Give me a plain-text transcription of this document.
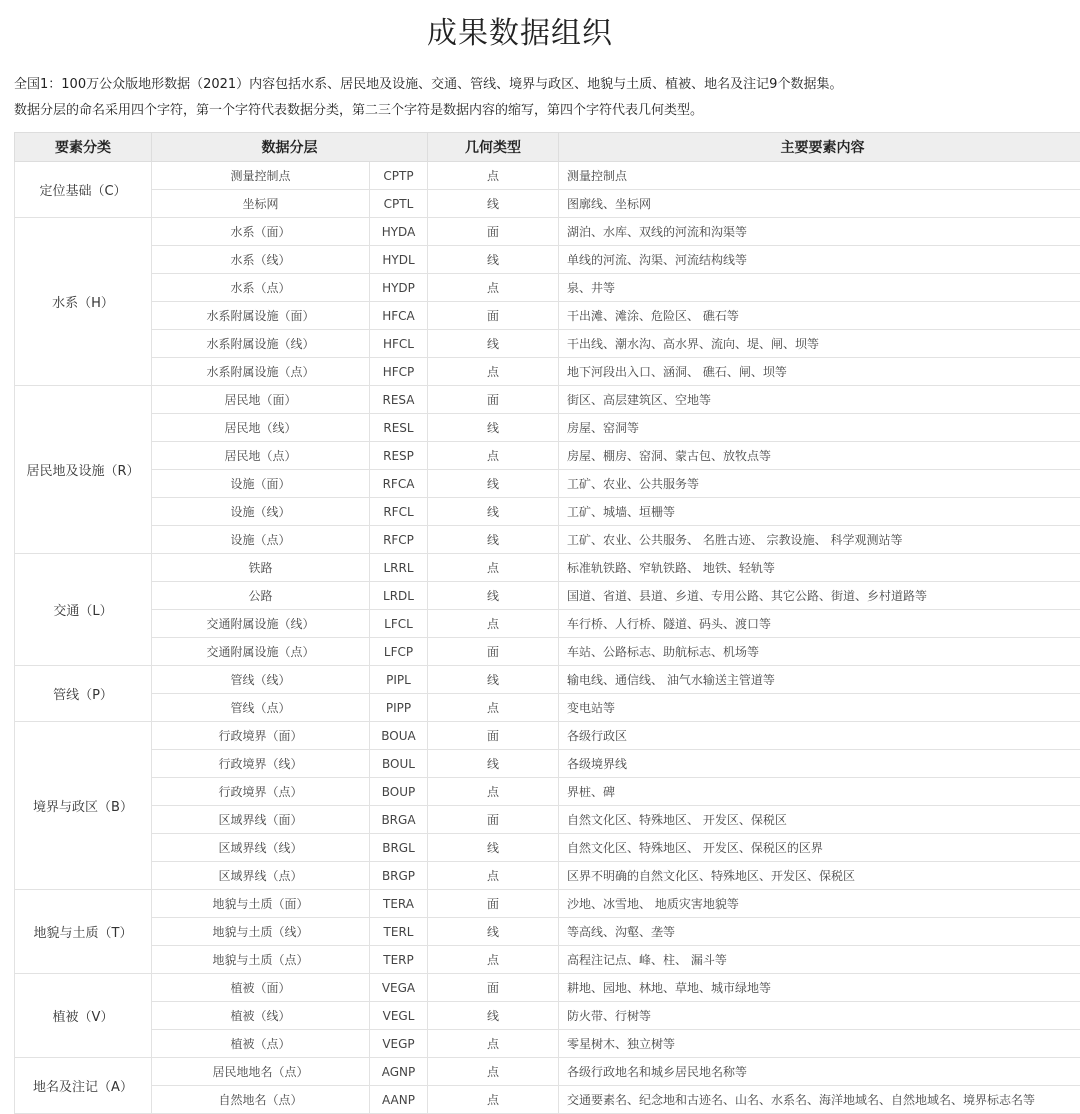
成果数据组织
全国1：100万公众版地形数据（2021）内容包括水系、居民地及设施、交通、管线、境界与政区、地貌与土质、植被、地名及注记9个数据集。
数据分层的命名采用四个字符，第一个字符代表数据分类，第二三个字符是数据内容的缩写，第四个字符代表几何类型。
要素分类	数据分层		几何类型	主要要素内容
定位基础（C）	测量控制点	CPTP	点	测量控制点
	坐标网	CPTL	线	图廓线、坐标网
水系（H）	水系（面）	HYDA	面	湖泊、水库、双线的河流和沟渠等
	水系（线）	HYDL	线	单线的河流、沟渠、河流结构线等
	水系（点）	HYDP	点	泉、井等
	水系附属设施（面）	HFCA	面	干出滩、滩涂、危险区、 礁石等
	水系附属设施（线）	HFCL	线	干出线、潮水沟、高水界、流向、堤、闸、坝等
	水系附属设施（点）	HFCP	点	地下河段出入口、涵洞、 礁石、闸、坝等
居民地及设施（R）	居民地（面）	RESA	面	街区、高层建筑区、空地等
	居民地（线）	RESL	线	房屋、窑洞等
	居民地（点）	RESP	点	房屋、棚房、窑洞、蒙古包、放牧点等
	设施（面）	RFCA	线	工矿、农业、公共服务等
	设施（线）	RFCL	线	工矿、城墙、垣栅等
	设施（点）	RFCP	线	工矿、农业、公共服务、 名胜古迹、 宗教设施、 科学观测站等
交通（L）	铁路	LRRL	点	标准轨铁路、窄轨铁路、 地铁、轻轨等
	公路	LRDL	线	国道、省道、县道、乡道、专用公路、其它公路、街道、乡村道路等
	交通附属设施（线）	LFCL	点	车行桥、人行桥、隧道、码头、渡口等
	交通附属设施（点）	LFCP	面	车站、公路标志、助航标志、机场等
管线（P）	管线（线）	PIPL	线	输电线、通信线、 油气水输送主管道等
	管线（点）	PIPP	点	变电站等
境界与政区（B）	行政境界（面）	BOUA	面	各级行政区
	行政境界（线）	BOUL	线	各级境界线
	行政境界（点）	BOUP	点	界桩、碑
	区域界线（面）	BRGA	面	自然文化区、特殊地区、 开发区、保税区
	区域界线（线）	BRGL	线	自然文化区、特殊地区、 开发区、保税区的区界
	区域界线（点）	BRGP	点	区界不明确的自然文化区、特殊地区、开发区、保税区
地貌与土质（T）	地貌与土质（面）	TERA	面	沙地、冰雪地、 地质灾害地貌等
	地貌与土质（线）	TERL	线	等高线、沟壑、垄等
	地貌与土质（点）	TERP	点	高程注记点、峰、柱、 漏斗等
植被（V）	植被（面）	VEGA	面	耕地、园地、林地、草地、城市绿地等
	植被（线）	VEGL	线	防火带、行树等
	植被（点）	VEGP	点	零星树木、独立树等
地名及注记（A）	居民地地名（点）	AGNP	点	各级行政地名和城乡居民地名称等
	自然地名（点）	AANP	点	交通要素名、纪念地和古迹名、山名、水系名、海洋地域名、自然地域名、境界标志名等
